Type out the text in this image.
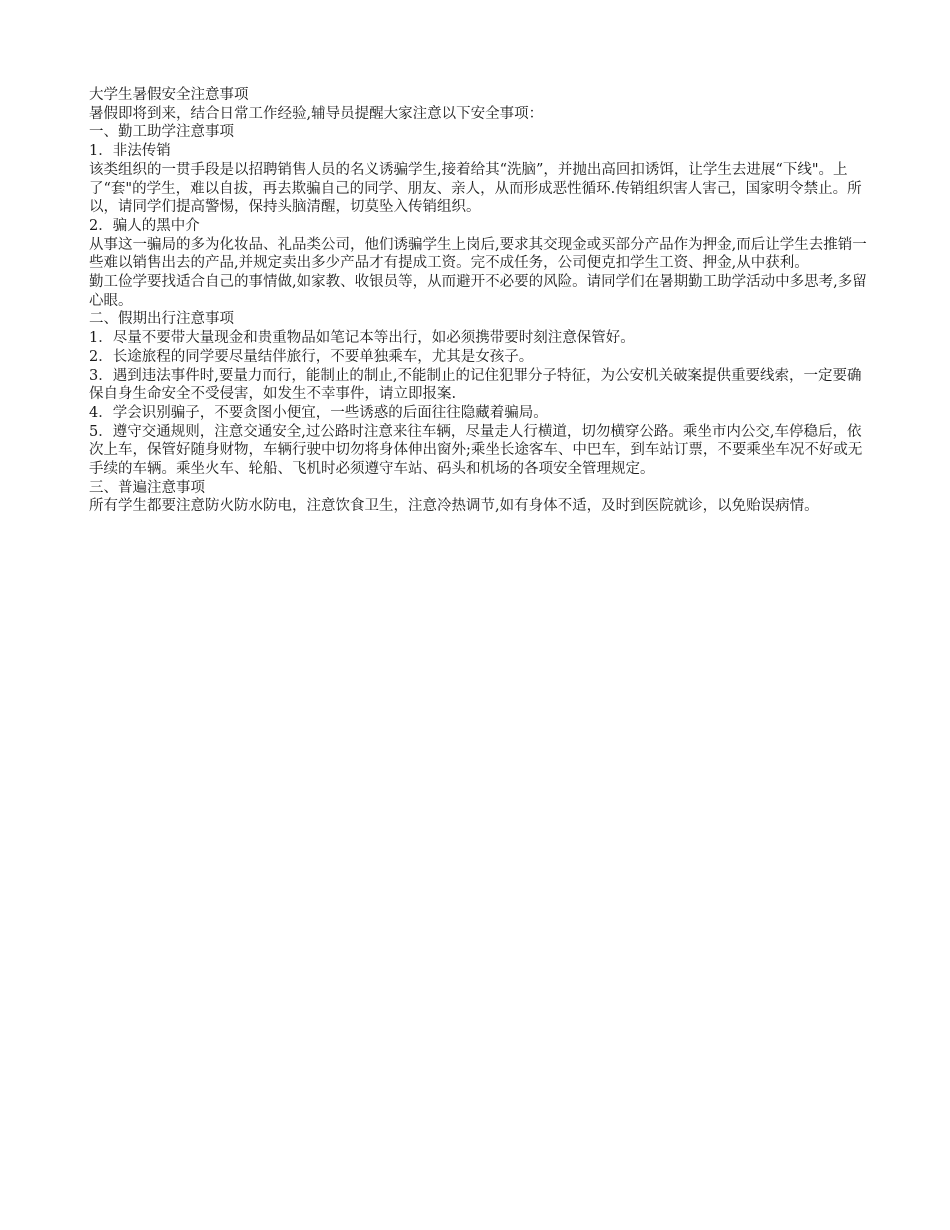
大学生暑假安全注意事项

暑假即将到来，结合日常工作经验,辅导员提醒大家注意以下安全事项：

一、勤工助学注意事项

1．非法传销

该类组织的一贯手段是以招聘销售人员的名义诱骗学生,接着给其“洗脑”，并抛出高回扣诱饵，让学生去进展“下线"。上了“套"的学生，难以自拔，再去欺骗自己的同学、朋友、亲人，从而形成恶性循环.传销组织害人害己，国家明令禁止。所以，请同学们提高警惕，保持头脑清醒，切莫坠入传销组织。

2．骗人的黑中介

从事这一骗局的多为化妆品、礼品类公司，他们诱骗学生上岗后,要求其交现金或买部分产品作为押金,而后让学生去推销一些难以销售出去的产品,并规定卖出多少产品才有提成工资。完不成任务，公司便克扣学生工资、押金,从中获利。

勤工俭学要找适合自己的事情做,如家教、收银员等，从而避开不必要的风险。请同学们在暑期勤工助学活动中多思考,多留心眼。

二、假期出行注意事项

1．尽量不要带大量现金和贵重物品如笔记本等出行，如必须携带要时刻注意保管好。

2．长途旅程的同学要尽量结伴旅行，不要单独乘车，尤其是女孩子。

3．遇到违法事件时,要量力而行，能制止的制止,不能制止的记住犯罪分子特征，为公安机关破案提供重要线索，一定要确保自身生命安全不受侵害，如发生不幸事件，请立即报案.

4．学会识别骗子，不要贪图小便宜，一些诱惑的后面往往隐藏着骗局。

5．遵守交通规则，注意交通安全,过公路时注意来往车辆，尽量走人行横道，切勿横穿公路。乘坐市内公交,车停稳后，依次上车，保管好随身财物，车辆行驶中切勿将身体伸出窗外;乘坐长途客车、中巴车，到车站订票，不要乘坐车况不好或无手续的车辆。乘坐火车、轮船、飞机时必须遵守车站、码头和机场的各项安全管理规定。

三、普遍注意事项

所有学生都要注意防火防水防电，注意饮食卫生，注意冷热调节,如有身体不适，及时到医院就诊，以免贻误病情。
